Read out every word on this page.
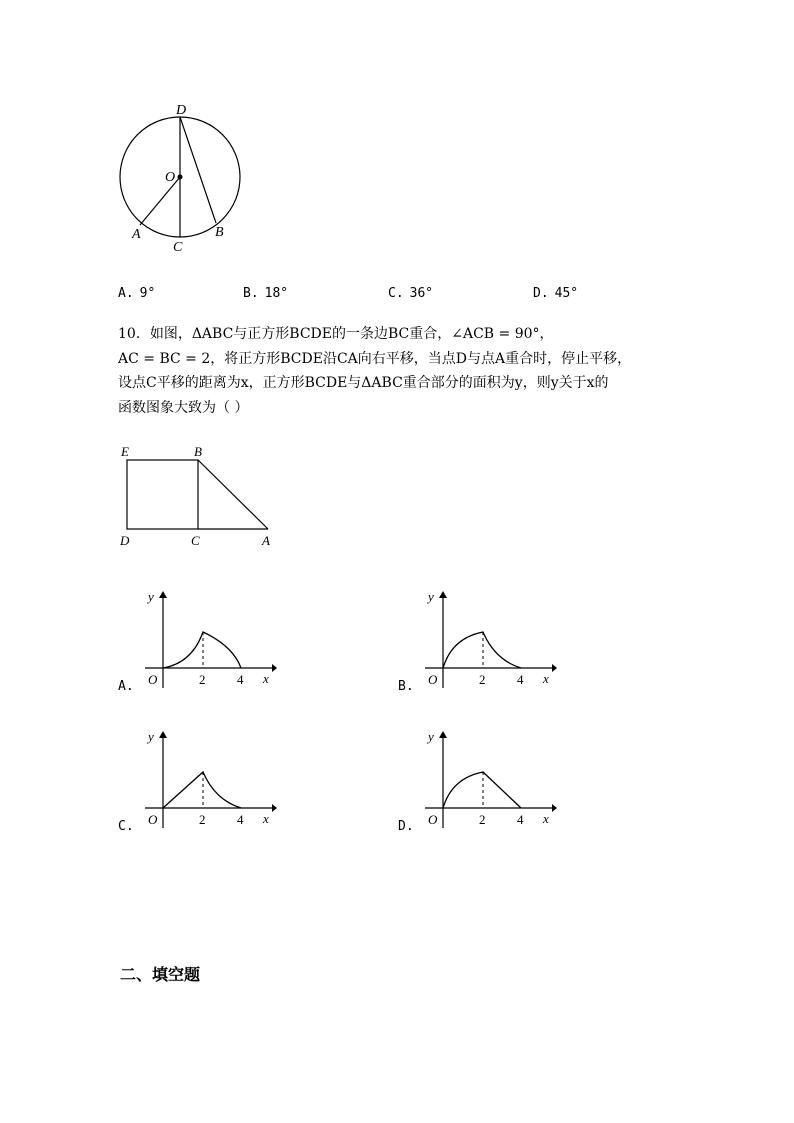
D
O
A
C
B
A. 9°	B. 18°	C. 36°	D. 45°
10．如图，ΔABC与正方形BCDE的一条边BC重合，∠ACB = 90°，
AC = BC = 2，将正方形BCDE沿CA向右平移，当点D与点A重合时，停止平移，
设点C平移的距离为x，正方形BCDE与ΔABC重合部分的面积为y，则y关于x的
函数图象大致为（ ）
E	B
D	C	A
A.
y
O	2 4 x
B.
y
O	2 4 x
C.
y
O	2 4 x
D.
y
O	2 4 x
二、填空题
